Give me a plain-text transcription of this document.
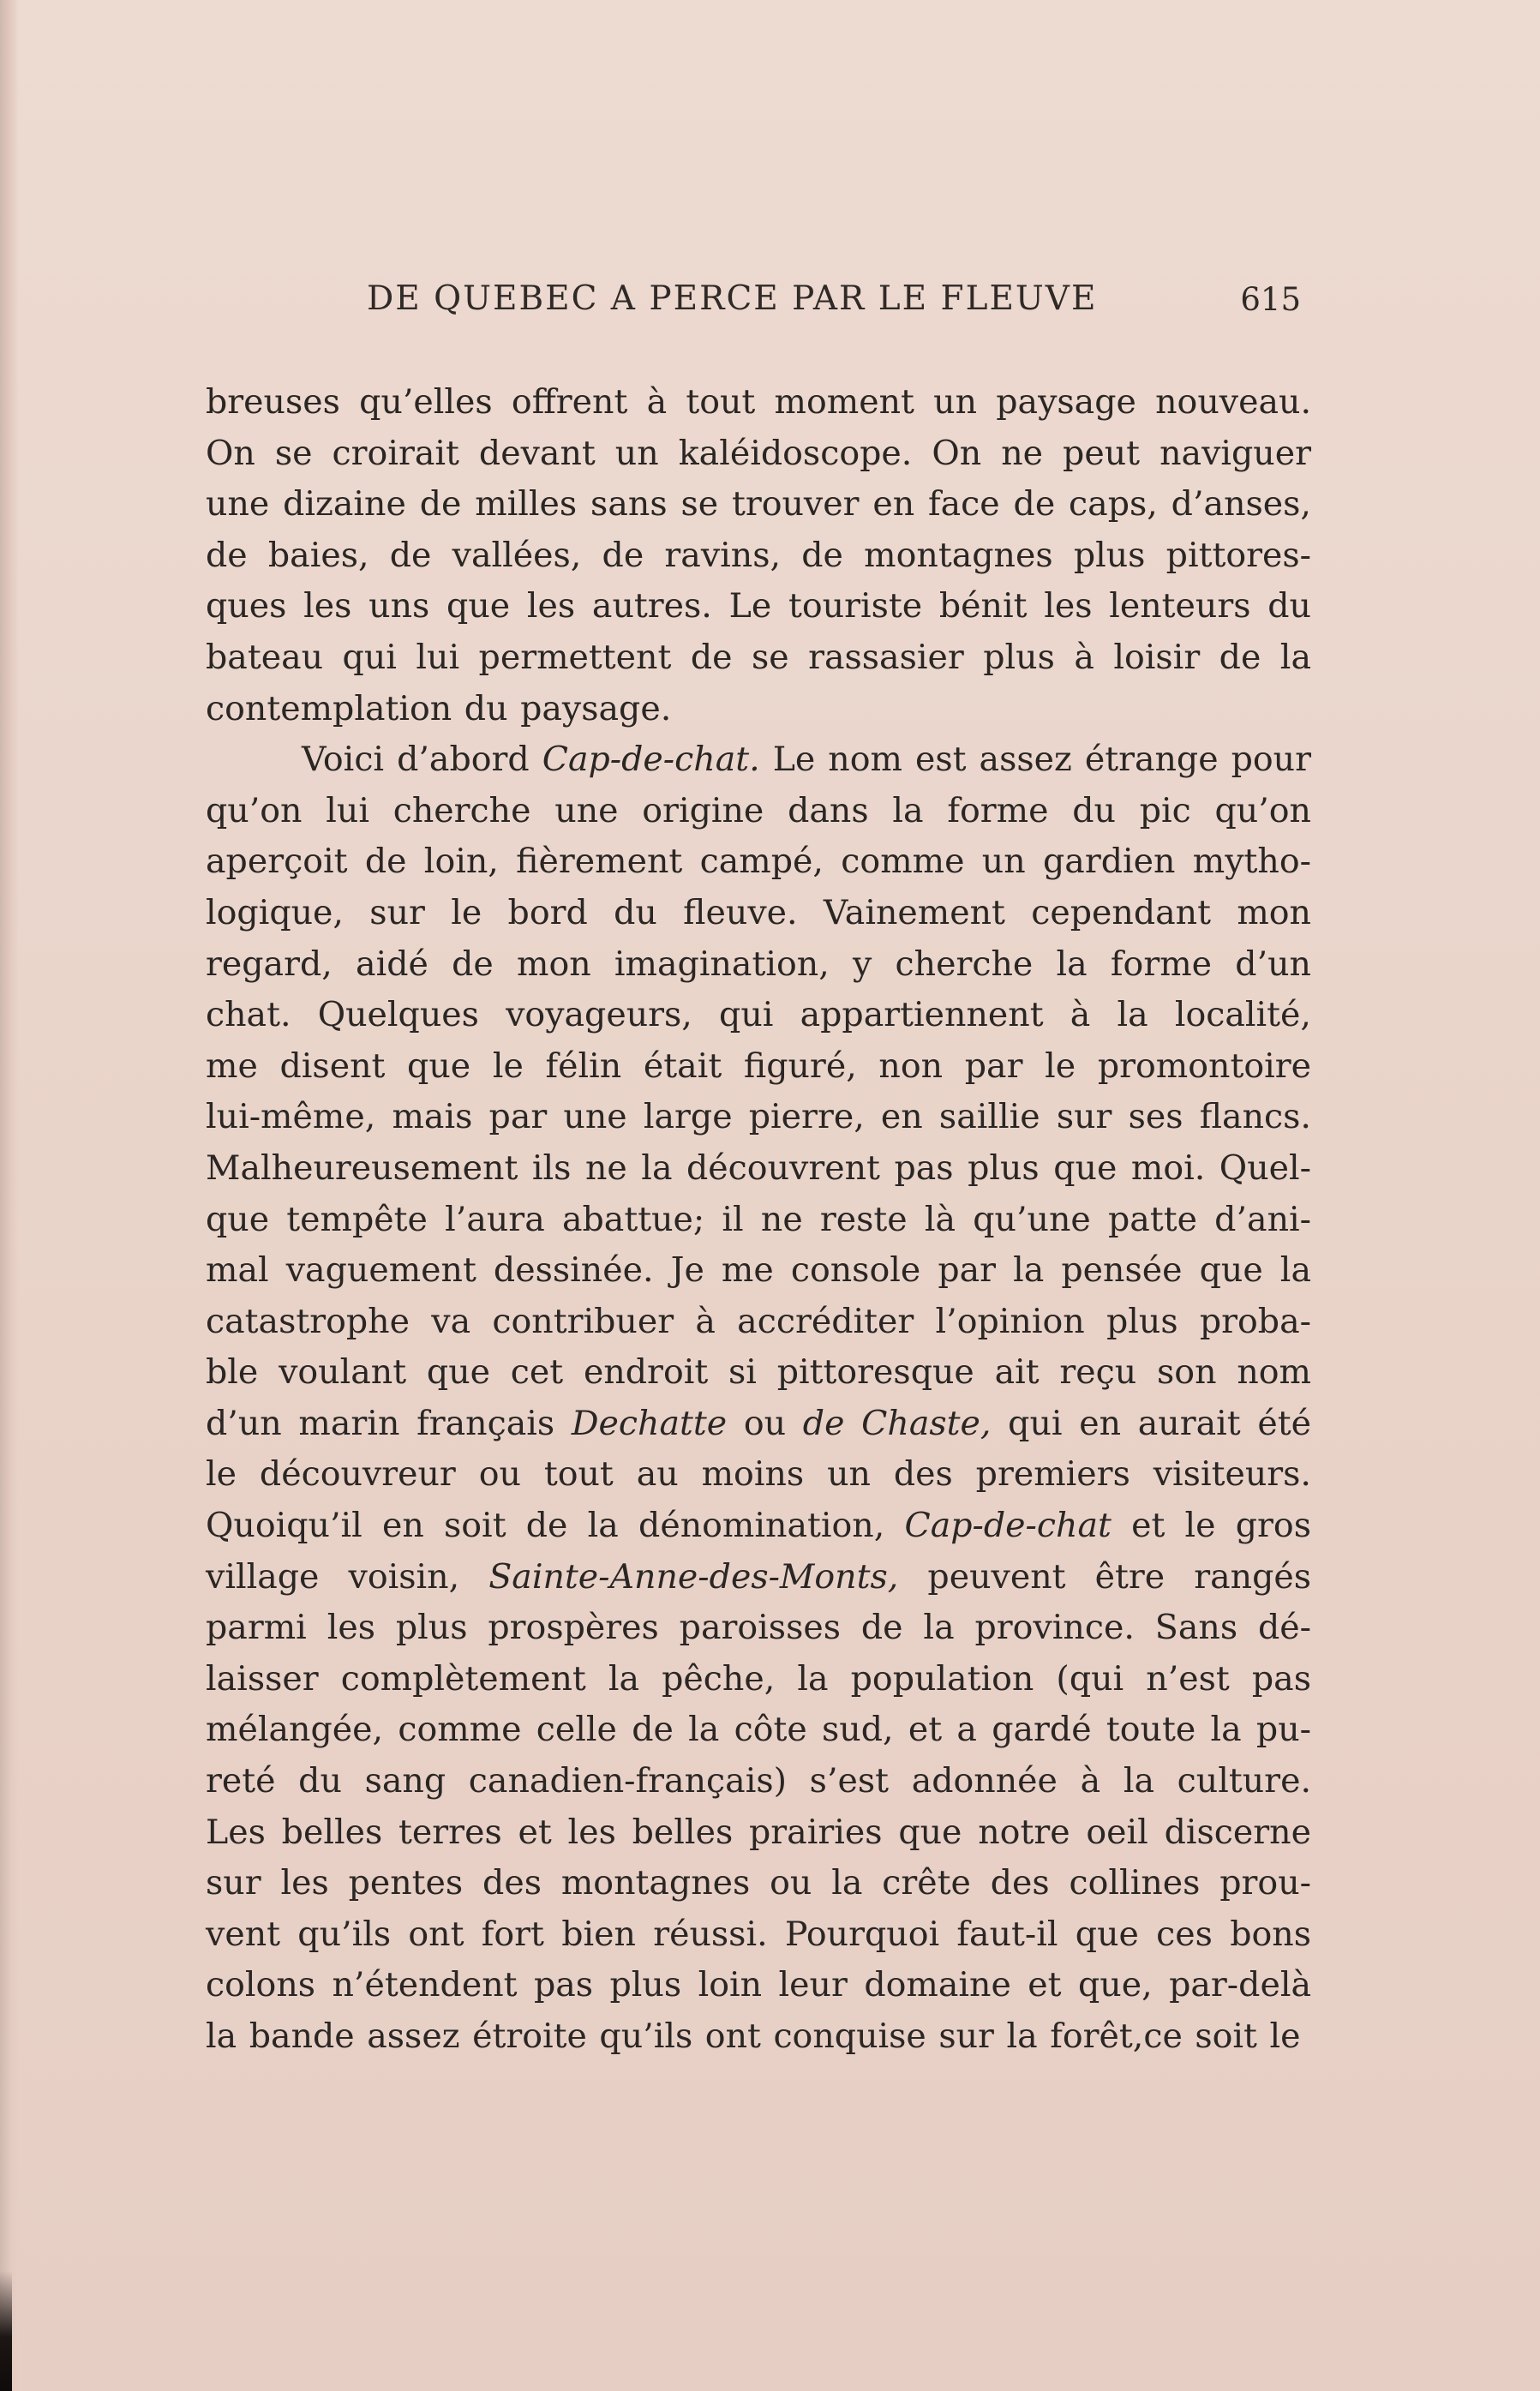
DE QUEBEC A PERCE PAR LE FLEUVE	615
breuses qu’elles offrent à tout moment un paysage nouveau.
On se croirait devant un kaléidoscope. On ne peut naviguer
une dizaine de milles sans se trouver en face de caps, d’anses,
de baies, de vallées, de ravins, de montagnes plus pittores-
ques les uns que les autres. Le touriste bénit les lenteurs du
bateau qui lui permettent de se rassasier plus à loisir de la
contemplation du paysage.
Voici d’abord Cap-de-chat. Le nom est assez étrange pour
qu’on lui cherche une origine dans la forme du pic qu’on
aperçoit de loin, fièrement campé, comme un gardien mytho-
logique, sur le bord du fleuve. Vainement cependant mon
regard, aidé de mon imagination, y cherche la forme d’un
chat. Quelques voyageurs, qui appartiennent à la localité,
me disent que le félin était figuré, non par le promontoire
lui-même, mais par une large pierre, en saillie sur ses flancs.
Malheureusement ils ne la découvrent pas plus que moi. Quel-
que tempête l’aura abattue; il ne reste là qu’une patte d’ani-
mal vaguement dessinée. Je me console par la pensée que la
catastrophe va contribuer à accréditer l’opinion plus proba-
ble voulant que cet endroit si pittoresque ait reçu son nom
d’un marin français Dechatte ou de Chaste, qui en aurait été
le découvreur ou tout au moins un des premiers visiteurs.
Quoiqu’il en soit de la dénomination, Cap-de-chat et le gros
village voisin, Sainte-Anne-des-Monts, peuvent être rangés
parmi les plus prospères paroisses de la province. Sans dé-
laisser complètement la pêche, la population (qui n’est pas
mélangée, comme celle de la côte sud, et a gardé toute la pu-
reté du sang canadien-français) s’est adonnée à la culture.
Les belles terres et les belles prairies que notre oeil discerne
sur les pentes des montagnes ou la crête des collines prou-
vent qu’ils ont fort bien réussi. Pourquoi faut-il que ces bons
colons n’étendent pas plus loin leur domaine et que, par-delà
la bande assez étroite qu’ils ont conquise sur la forêt,ce soit le
